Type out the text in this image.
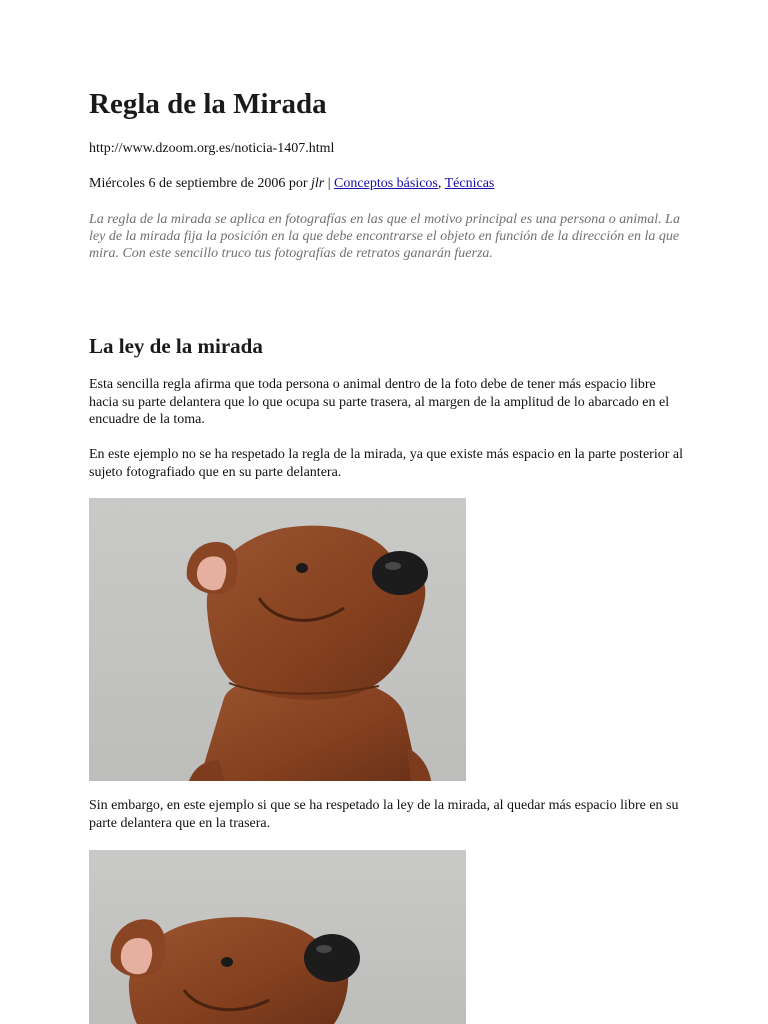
Regla de la Mirada
http://www.dzoom.org.es/noticia-1407.html
Miércoles 6 de septiembre de 2006 por jlr | Conceptos básicos, Técnicas
La regla de la mirada se aplica en fotografías en las que el motivo principal es una persona o animal. La ley de la mirada fija la posición en la que debe encontrarse el objeto en función de la dirección en la que mira. Con este sencillo truco tus fotografías de retratos ganarán fuerza.
La ley de la mirada
Esta sencilla regla afirma que toda persona o animal dentro de la foto debe de tener más espacio libre hacia su parte delantera que lo que ocupa su parte trasera, al margen de la amplitud de lo abarcado en el encuadre de la toma.
En este ejemplo no se ha respetado la regla de la mirada, ya que existe más espacio en la parte posterior al sujeto fotografiado que en su parte delantera.
Sin embargo, en este ejemplo si que se ha respetado la ley de la mirada, al quedar más espacio libre en su parte delantera que en la trasera.
